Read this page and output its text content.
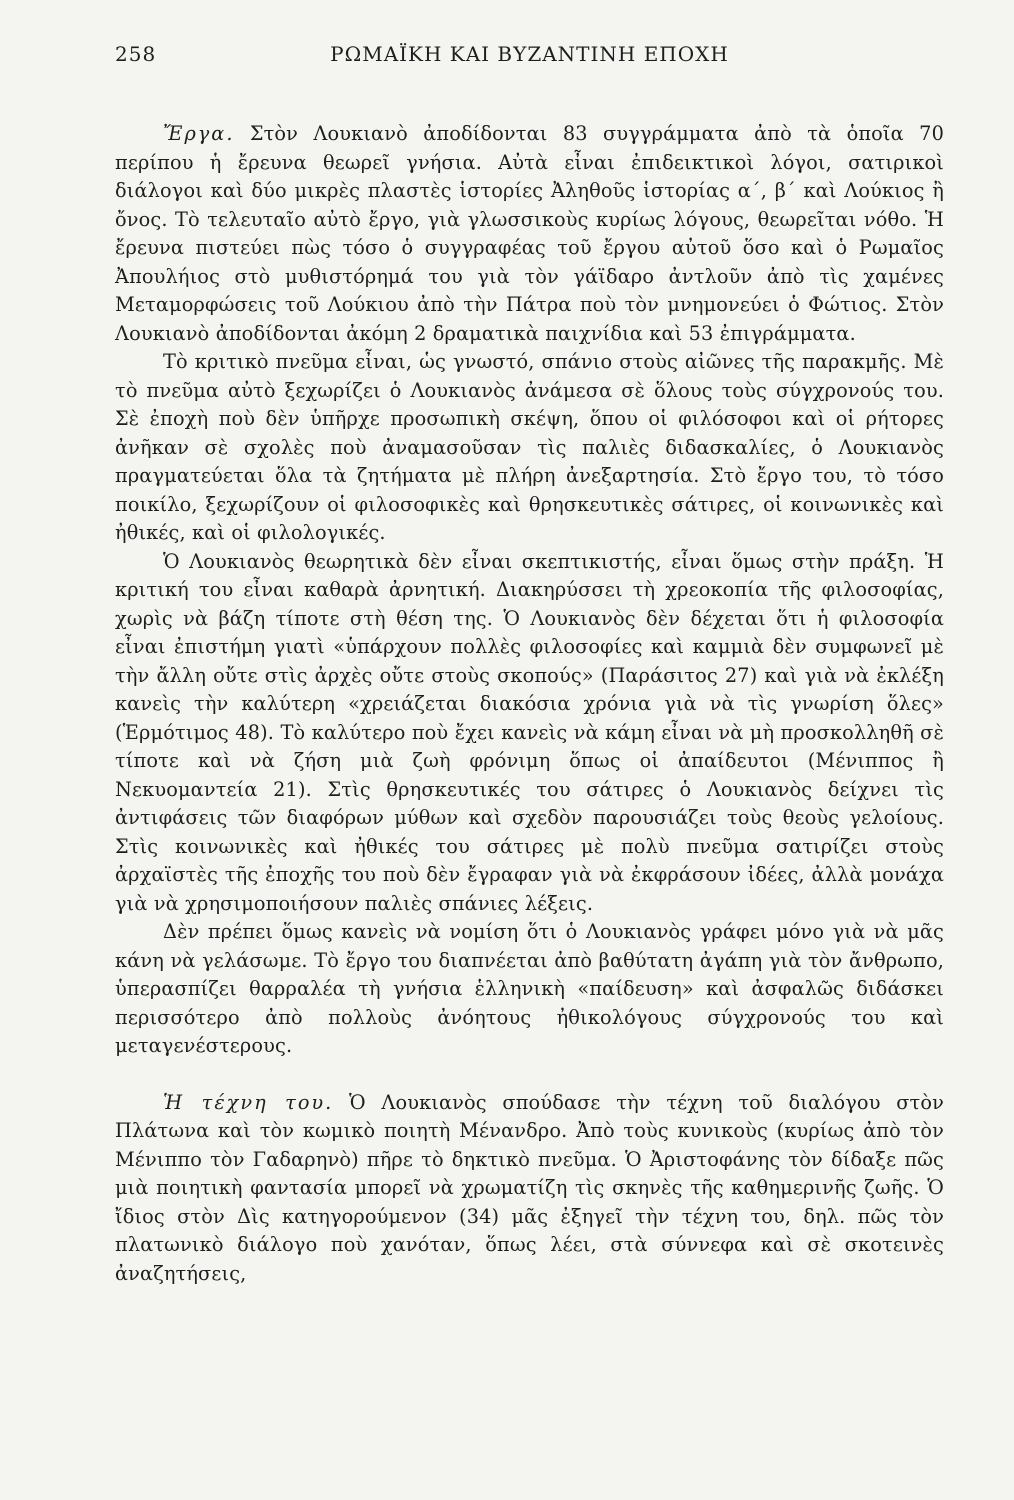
258	ΡΩΜΑΪΚΗ ΚΑΙ ΒΥΖΑΝΤΙΝΗ ΕΠΟΧΗ

Ἔργα. Στὸν Λουκιανὸ ἀποδίδονται 83 συγγράμματα ἀπὸ τὰ ὁποῖα 70 περίπου ἡ ἔρευνα θεωρεῖ γνήσια. Αὐτὰ εἶναι ἐπιδεικτικοὶ λόγοι, σατιρικοὶ διάλογοι καὶ δύο μικρὲς πλαστὲς ἱστορίες Ἀληθοῦς ἱστορίας α΄, β΄ καὶ Λούκιος ἢ ὄνος. Τὸ τελευταῖο αὐτὸ ἔργο, γιὰ γλωσσικοὺς κυρίως λόγους, θεωρεῖται νόθο. Ἡ ἔρευνα πιστεύει πὼς τόσο ὁ συγγραφέας τοῦ ἔργου αὐτοῦ ὅσο καὶ ὁ Ρωμαῖος Ἀπουλήιος στὸ μυθιστόρημά του γιὰ τὸν γάϊδαρο ἀντλοῦν ἀπὸ τὶς χαμένες Μεταμορφώσεις τοῦ Λούκιου ἀπὸ τὴν Πάτρα ποὺ τὸν μνημονεύει ὁ Φώτιος. Στὸν Λουκιανὸ ἀποδίδονται ἀκόμη 2 δραματικὰ παιχνίδια καὶ 53 ἐπιγράμματα.

Τὸ κριτικὸ πνεῦμα εἶναι, ὡς γνωστό, σπάνιο στοὺς αἰῶνες τῆς παρακμῆς. Μὲ τὸ πνεῦμα αὐτὸ ξεχωρίζει ὁ Λουκιανὸς ἀνάμεσα σὲ ὅλους τοὺς σύγχρονούς του. Σὲ ἐποχὴ ποὺ δὲν ὑπῆρχε προσωπικὴ σκέψη, ὅπου οἱ φιλόσοφοι καὶ οἱ ρήτορες ἀνῆκαν σὲ σχολὲς ποὺ ἀναμασοῦσαν τὶς παλιὲς διδασκαλίες, ὁ Λουκιανὸς πραγματεύεται ὅλα τὰ ζητήματα μὲ πλήρη ἀνεξαρτησία. Στὸ ἔργο του, τὸ τόσο ποικίλο, ξεχωρίζουν οἱ φιλοσοφικὲς καὶ θρησκευτικὲς σάτιρες, οἱ κοινωνικὲς καὶ ἠθικές, καὶ οἱ φιλολογικές.

Ὁ Λουκιανὸς θεωρητικὰ δὲν εἶναι σκεπτικιστής, εἶναι ὅμως στὴν πράξη. Ἡ κριτική του εἶναι καθαρὰ ἀρνητική. Διακηρύσσει τὴ χρεοκοπία τῆς φιλοσοφίας, χωρὶς νὰ βάζη τίποτε στὴ θέση της. Ὁ Λουκιανὸς δὲν δέχεται ὅτι ἡ φιλοσοφία εἶναι ἐπιστήμη γιατὶ «ὑπάρχουν πολλὲς φιλοσοφίες καὶ καμμιὰ δὲν συμφωνεῖ μὲ τὴν ἄλλη οὔτε στὶς ἀρχὲς οὔτε στοὺς σκοπούς» (Παράσιτος 27) καὶ γιὰ νὰ ἐκλέξη κανεὶς τὴν καλύτερη «χρειάζεται διακόσια χρόνια γιὰ νὰ τὶς γνωρίση ὅλες» (Ἑρμότιμος 48). Τὸ καλύτερο ποὺ ἔχει κανεὶς νὰ κάμη εἶναι νὰ μὴ προσκολληθῆ σὲ τίποτε καὶ νὰ ζήση μιὰ ζωὴ φρόνιμη ὅπως οἱ ἀπαίδευτοι (Μένιππος ἢ Νεκυομαντεία 21). Στὶς θρησκευτικές του σάτιρες ὁ Λουκιανὸς δείχνει τὶς ἀντιφάσεις τῶν διαφόρων μύθων καὶ σχεδὸν παρουσιάζει τοὺς θεοὺς γελοίους. Στὶς κοινωνικὲς καὶ ἠθικές του σάτιρες μὲ πολὺ πνεῦμα σατιρίζει στοὺς ἀρχαϊστὲς τῆς ἐποχῆς του ποὺ δὲν ἔγραφαν γιὰ νὰ ἐκφράσουν ἰδέες, ἀλλὰ μονάχα γιὰ νὰ χρησιμοποιήσουν παλιὲς σπάνιες λέξεις.

Δὲν πρέπει ὅμως κανεὶς νὰ νομίση ὅτι ὁ Λουκιανὸς γράφει μόνο γιὰ νὰ μᾶς κάνη νὰ γελάσωμε. Τὸ ἔργο του διαπνέεται ἀπὸ βαθύτατη ἀγάπη γιὰ τὸν ἄνθρωπο, ὑπερασπίζει θαρραλέα τὴ γνήσια ἑλληνικὴ «παίδευση» καὶ ἀσφαλῶς διδάσκει περισσότερο ἀπὸ πολλοὺς ἀνόητους ἠθικολόγους σύγχρονούς του καὶ μεταγενέστερους.

Ἡ τέχνη του. Ὁ Λουκιανὸς σπούδασε τὴν τέχνη τοῦ διαλόγου στὸν Πλάτωνα καὶ τὸν κωμικὸ ποιητὴ Μένανδρο. Ἀπὸ τοὺς κυνικοὺς (κυρίως ἀπὸ τὸν Μένιππο τὸν Γαδαρηνὸ) πῆρε τὸ δηκτικὸ πνεῦμα. Ὁ Ἀριστοφάνης τὸν δίδαξε πῶς μιὰ ποιητικὴ φαντασία μπορεῖ νὰ χρωματίζη τὶς σκηνὲς τῆς καθημερινῆς ζωῆς. Ὁ ἴδιος στὸν Δὶς κατηγορούμενον (34) μᾶς ἐξηγεῖ τὴν τέχνη του, δηλ. πῶς τὸν πλατωνικὸ διάλογο ποὺ χανόταν, ὅπως λέει, στὰ σύννεφα καὶ σὲ σκοτεινὲς ἀναζητήσεις,
